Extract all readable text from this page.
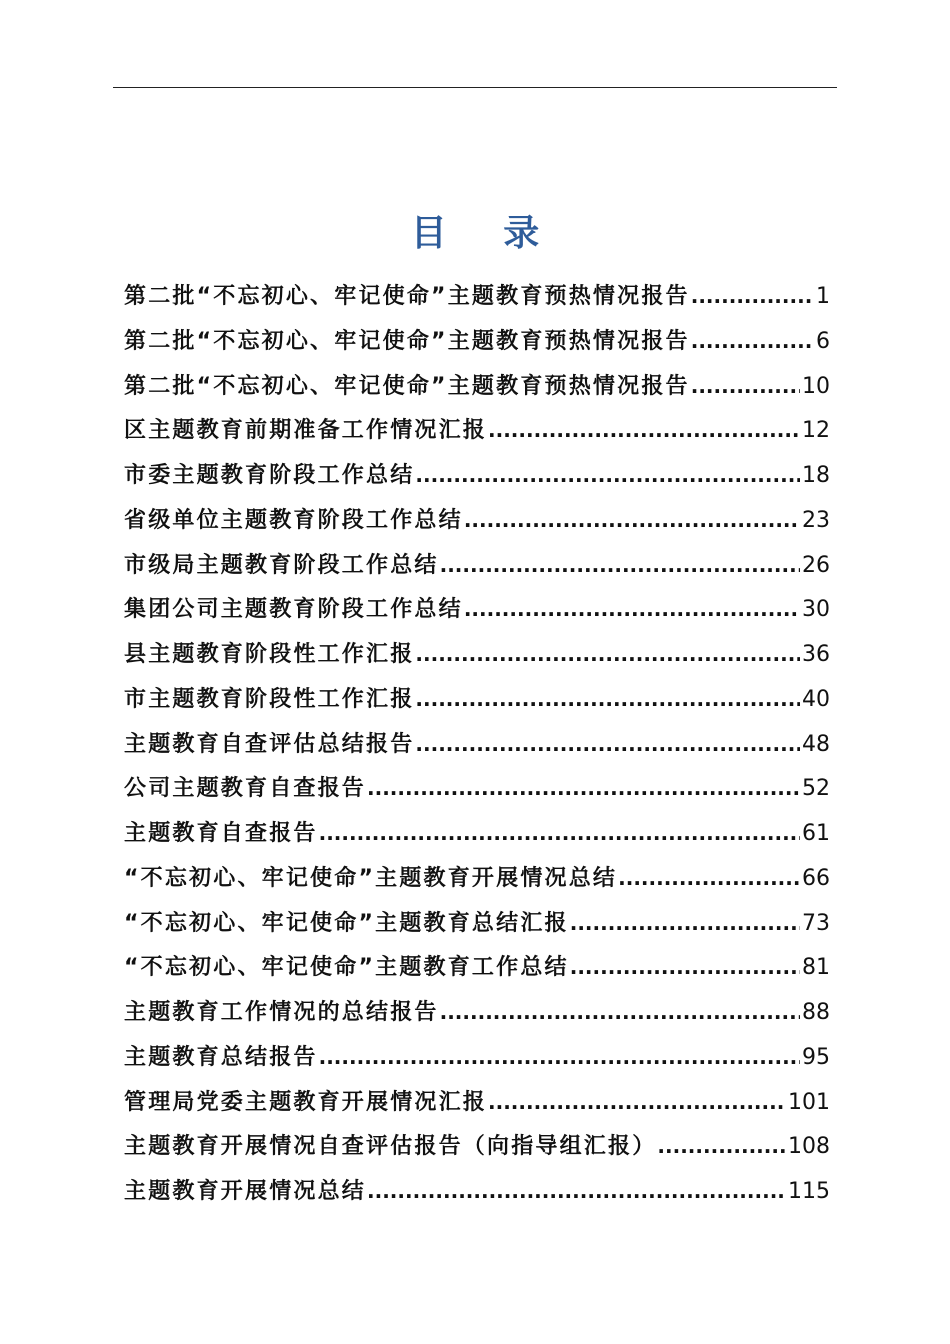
目 录
第二批“不忘初心、牢记使命”主题教育预热情况报告 .....	1
第二批“不忘初心、牢记使命”主题教育预热情况报告 .....	6
第二批“不忘初心、牢记使命”主题教育预热情况报告 .....	10
区主题教育前期准备工作情况汇报 .....	12
市委主题教育阶段工作总结 .....	18
省级单位主题教育阶段工作总结 .....	23
市级局主题教育阶段工作总结 .....	26
集团公司主题教育阶段工作总结 .....	30
县主题教育阶段性工作汇报 .....	36
市主题教育阶段性工作汇报 .....	40
主题教育自查评估总结报告 .....	48
公司主题教育自查报告 .....	52
主题教育自查报告 .....	61
“不忘初心、牢记使命”主题教育开展情况总结 .....	66
“不忘初心、牢记使命”主题教育总结汇报 .....	73
“不忘初心、牢记使命”主题教育工作总结 .....	81
主题教育工作情况的总结报告 .....	88
主题教育总结报告 .....	95
管理局党委主题教育开展情况汇报 .....	101
主题教育开展情况自查评估报告（向指导组汇报） .....	108
主题教育开展情况总结 .....	115
